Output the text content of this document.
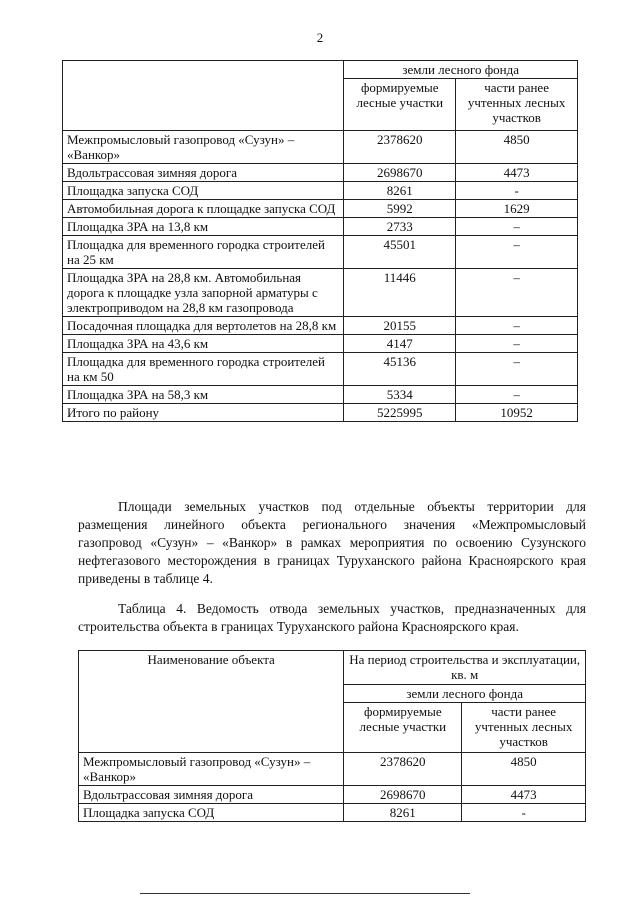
2
	земли лесного фонда	
	формируемые лесные участки	части ранее учтенных лесных участков
Межпромысловый газопровод «Сузун» – «Ванкор»	2378620	4850
Вдольтрассовая зимняя дорога	2698670	4473
Площадка запуска СОД	8261	-
Автомобильная дорога к площадке запуска СОД	5992	1629
Площадка ЗРА на 13,8 км	2733	–
Площадка для временного городка строителей на 25 км	45501	–
Площадка ЗРА на 28,8 км. Автомобильная дорога к площадке узла запорной арматуры с электроприводом на 28,8 км газопровода	11446	–
Посадочная площадка для вертолетов на 28,8 км	20155	–
Площадка ЗРА на 43,6 км	4147	–
Площадка для временного городка строителей на км 50	45136	–
Площадка ЗРА на 58,3 км	5334	–
Итого по району	5225995	10952
Площади земельных участков под отдельные объекты территории для размещения линейного объекта регионального значения «Межпромысловый газопровод «Сузун» – «Ванкор» в рамках мероприятия по освоению Сузунского нефтегазового месторождения в границах Туруханского района Красноярского края приведены в таблице 4.
Таблица 4. Ведомость отвода земельных участков, предназначенных для строительства объекта в границах Туруханского района Красноярского края.
Наименование объекта	На период строительства и эксплуатации, кв. м	
	земли лесного фонда	
	формируемые лесные участки	части ранее учтенных лесных участков
Межпромысловый газопровод «Сузун» – «Ванкор»	2378620	4850
Вдольтрассовая зимняя дорога	2698670	4473
Площадка запуска СОД	8261	-
